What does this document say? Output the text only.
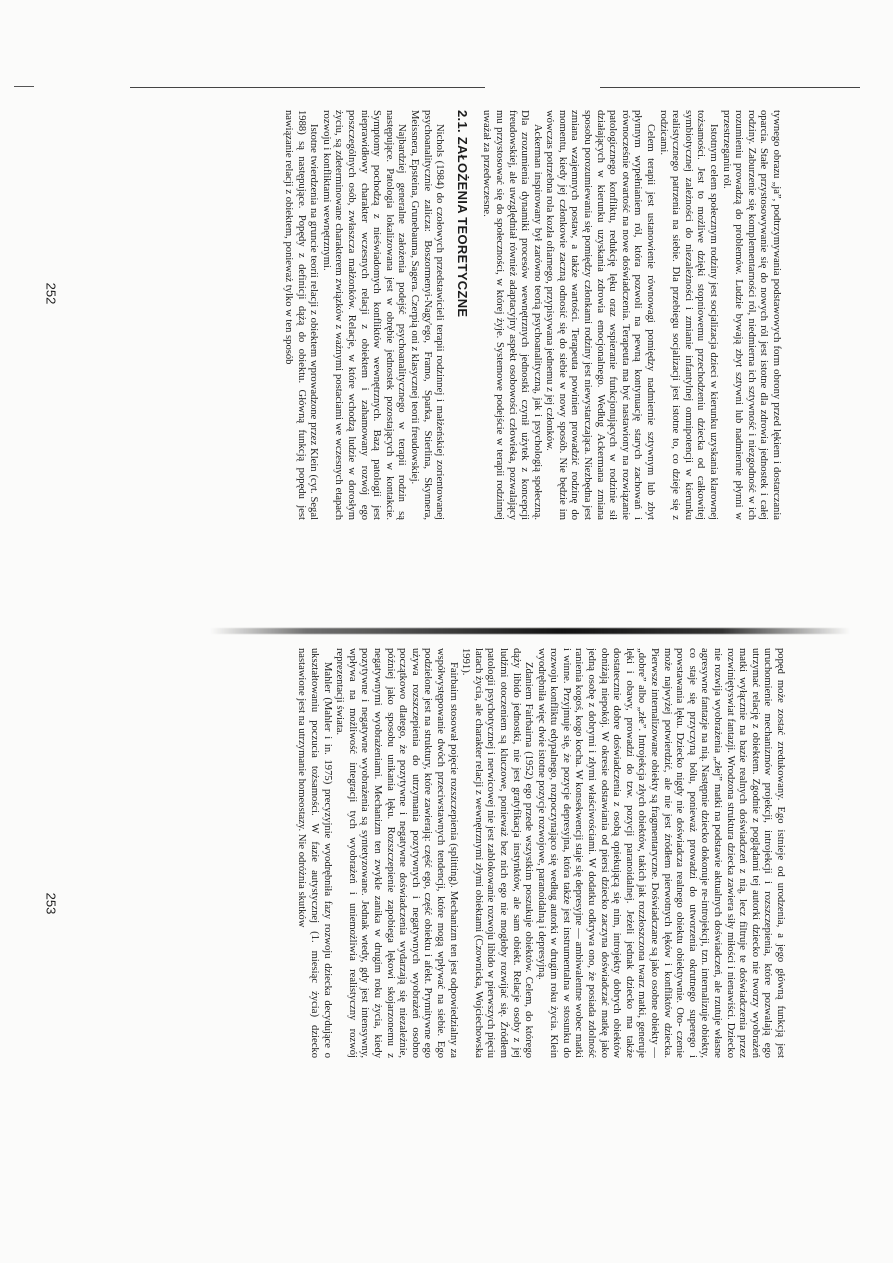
tywnego obrazu „ja”, podtrzymywania podstawowych form obrony przed lękiem i dostarczania oparcia. Stałe przystosowywanie się do nowych ról jest istotne dla zdrowia jednostek i całej rodziny. Zaburzenie się komplementarności ról, niedmierna ich sztywność i niezgodność w ich rozumieniu prowadzą do problemów. Ludzie bywają zbyt sztywni lub nadmiernie płynni w przestrzeganiu ról.

Istotnym celem społecznym rodziny jest socjalizacja dzieci w kierunku uzyskania klarownej tożsamości. Jest to możliwe dzięki stopniowemu przechodzeniu dziecka od całkowitej symbiotycznej zależności do niezależności i zmianie infantylnej omnipotencji w kierunku realistycznego patrzenia na siebie. Dla przebiegu socjalizacji jest istotne to, co dzieje się z rodzicami.

Celem terapii jest ustanowienie równowagi pomiędzy nadmiernie sztywnym lub zbyt płynnym wypełnianiem ról, która pozwoli na pewną kontynuację starych zachowań i równocześnie otwartość na nowe doświadczenia. Terapeuta ma być nastawiony na rozwiązanie patologicznego konfliktu, redukcję lęku oraz wspieranie funkcjonujących w rodzinie sił działających w kierunku uzyskania zdrowia emocjonalnego. Według Ackermana zmiana sposobu porozumiewania się pomiędzy członkami rodziny jest niewystarczająca. Niezbędna jest zmiana wzajemnych postaw, a także wartości. Terapeuta powinien prowadzić rodzinę do momentu, kiedy jej członkowie zaczną odnosić się do siebie w nowy sposób. Nie będzie im wówczas potrzebna rola kozła ofiarnego, przypisywana jednemu z jej członków.

Ackerman inspirowany był zarówno teorią psychoanalityczną, jak i psychologią społeczną. Dla zrozumienia dynamiki procesów wewnętrznych jednostki czynił użytek z koncepcji freudowskiej, ale uwzględniał również adaptacyjny aspekt osobowości człowieka, pozwalający mu przystosować się do społeczności, w której żyje. Systemowe podejście w terapii rodzinnej uważał za przedwczesne.

2.1. ZAŁOŻENIA TEORETYCZNE

Nichols (1984) do czołowych przedstawicieli terapii rodzinnej i małżeńskiej zorientowanej psychoanalitycznie zalicza: Boszormenyi-Nagy'ego, Framo, Sparka, Stierlina, Skynnera, Meissnera, Epsteina, Grunebauma, Sagera. Czerpią oni z klasycznej teorii freudowskiej.

Najbardziej generalne założenia podejść psychoanalitycznego w terapii rodzin są następujące. Patologia lokalizowana jest w obrębie jednostek pozostających w kontakcie. Symptomy pochodzą z nieświadomych konfliktów wewnętrznych. Bazą patologii jest nieprawidłowy charakter wczesnych relacji z obiektem i zahamowany rozwój ego poszczególnych osób, zwłaszcza małżonków. Relacje, w które wchodzą ludzie w dorosłym życiu, są zdeterminowane charakterem związków z ważnymi postaciami we wczesnych etapach rozwoju i konfliktami wewnętrznymi.

Istotne twierdzenia na gruncie teorii relacji z obiektem wprowadzone przez Klein (cyt. Segal 1988) są następujące. Popędy z definicji dążą do obiektu. Główną funkcją popędu jest nawiązanie relacji z obiektem, ponieważ tylko w ten sposób

252

popęd może zostać zredukowany. Ego istnieje od urodzenia, a jego główną funkcją jest uruchomienie mechanizmów projekcji, introjekcji i rozszczepienia, które pozwalają ego utrzymać relację z obiektem. Zgodnie z poglądami tej autorki dziecko nie tworzy wyobrażeń matki wyłącznie na bazie realnych doświadczeń z nią, lecz filtruje te doświadczenia przez rozwiniętyswiat fantazji. Wrodzona struktura dziecka zawiera siły miłości i nienawiści. Dziecko nie rozwija wyobrażenia „złej” matki na podstawie aktualnych doświadczeń, ale rzutuje własne agresywne fantazje na nią. Następnie dziecko dokonuje re-introjekcji, tzn. internalizuje obiekty, co staje się przyczyną bólu, ponieważ prowadzi do utworzenia okrutnego superego i powstawania lęku. Dziecko nigdy nie doświadcza realnego obiektu obiektywnie. Oto- czenie może najwyżej potwierdzić, ale nie jest źródłem pierwotnych lęków i konfliktów dziecka. Pierwsze internalizowane obiekty są fragmentaryczne. Doświadczane są jako osobne obiekty — „dobre” albo „złe”. Introjekcja złych obiektów, takich jak rozzłoszczona twarz matki, generuje lęki i obawy, prowadzi do tzw. pozycji paranoidalnej. Jeżeli jednak dziecko ma także dostatecznie dobre doświadczenia z osobą opiekującą się nim, introjekty dobrych obiektów obniżają niepokój. W okresie odstawiania od piersi dziecko zaczyna doświadczać matkę jako jedną osobę z dobrymi i złymi właściwościami. W dodatku odkrywa ono, że posiada zdolność ranienia kogoś, kogo kocha. W konsekwencji staje się depresyjne — ambiwalentne wobec matki i winne. Przyjmuje się, że pozycje depresyjna, która także jest instrumentalna w stosunku do rozwoju konfliktu edypalnego, rozpoczynająco się według autorki w drugim roku życia. Klein wyodrębniła więc dwie istotne pozycje rozwojowe, paranoidalną i depresyjną.

Zdaniem Fairbairna (1952) ego przede wszystkim poszukuje obiektów. Celem, do którego dąży libido jednostki, nie jest gratyfikacja instynktów, ale sam obiekt. Relacje osoby z jej ludźmi otoczeniem są kluczowe, ponieważ bez nich ego nie mogłoby rozwijać się. Źródłem patologii psychotycznej i nerwicowej nie jest zablokowanie rozwoju libido w pierwszych pięciu latach życia, ale charakter relacji z wewnętrznymi złymi obiektami (Czownicka, Wojciechowska 1991).

Fairbairn stosował pojęcie rozszczepienia (splitting). Mechanizm ten jest odpowiedzialny za współwystępowanie dwóch przeciwstawnych tendencji, które mogą wpływać na siebie. Ego podzielone jest na struktury, które zawierają: część ego, część obiektu i afekt. Prymitywne ego używa rozszczepienia do utrzymania pozytywnych i negatywnych wyobrażeń osobno początkowo dlatego, że pozytywne i negatywne doświadczenia wydarzają się niezależnie, później jako sposobu unikania lęku. Rozszczepienie zapobiega lękowi skojarzonemu z negatywnymi wyobrażeniami. Mechanizm ten zwykle zanika w drugim roku życia, kiedy pozytywne i negatywne wyobrażenia są syntetyzowane. Jednak wtedy, gdy jest intensywny, wpływa na możliwość integracji tych wyobrażeń i uniemożliwia realistyczny rozwój reprezentacji świata.

Mahler (Mahler i in. 1975) precyzyjnie wyodrębniła fazy rozwoju dziecka decydujące o ukształtowaniu poczucia tożsamości. W fazie autystycznej (1. miesiąc życia) dziecko nastawione jest na utrzymanie homeostazy. Nie odróżnia skutków

253
